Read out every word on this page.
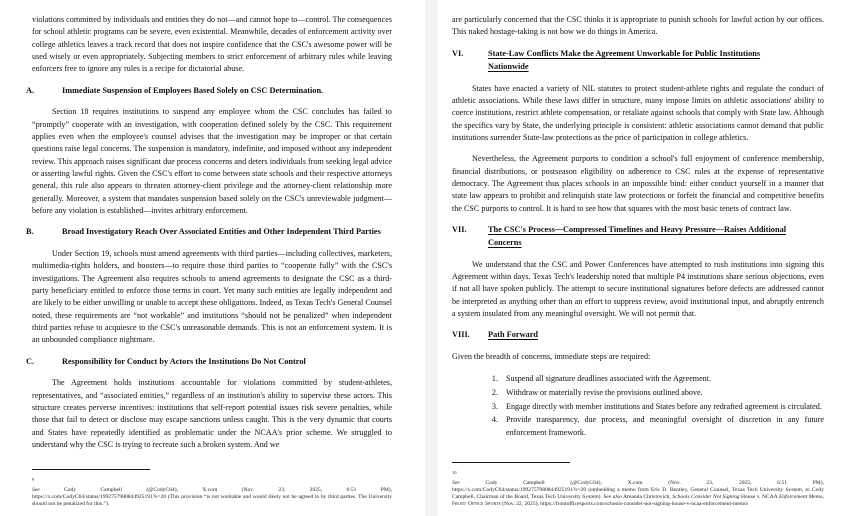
violations committed by individuals and entities they do not—and cannot hope to—control. The consequences for school athletic programs can be severe, even existential. Meanwhile, decades of enforcement activity over college athletics leaves a track record that does not inspire confidence that the CSC's awesome power will be used wisely or even appropriately. Subjecting members to strict enforcement of arbitrary rules while leaving enforcers free to ignore any rules is a recipe for dictatorial abuse.

A.	Immediate Suspension of Employees Based Solely on CSC Determination.

Section 18 requires institutions to suspend any employee whom the CSC concludes has failed to “promptly” cooperate with an investigation, with cooperation defined solely by the CSC. This requirement applies even when the employee's counsel advises that the investigation may be improper or that certain questions raise legal concerns. The suspension is mandatory, indefinite, and imposed without any independent review. This approach raises significant due process concerns and deters individuals from seeking legal advice or asserting lawful rights. Given the CSC's effort to come between state schools and their respective attorneys general, this rule also appears to threaten attorney-client privilege and the attorney-client relationship more generally. Moreover, a system that mandates suspension based solely on the CSC's unreviewable judgment—before any violation is established—invites arbitrary enforcement.

B.	Broad Investigatory Reach Over Associated Entities and Other Independent Third Parties

Under Section 19, schools must amend agreements with third parties—including collectives, marketers, multimedia-rights holders, and boosters—to require those third parties to “cooperate fully” with the CSC's investigations. The Agreement also requires schools to amend agreements to designate the CSC as a third-party beneficiary entitled to enforce those terms in court. Yet many such entities are legally independent and are likely to be either unwilling or unable to accept these obligations. Indeed, as Texas Tech's General Counsel noted, these requirements are “not workable” and institutions “should not be penalized” when independent third parties refuse to acquiesce to the CSC's unreasonable demands. This is not an enforcement system. It is an unbounded compliance nightmare.

C.	Responsibility for Conduct by Actors the Institutions Do Not Control

The Agreement holds institutions accountable for violations committed by student-athletes, representatives, and “associated entities,” regardless of an institution's ability to supervise these actors. This structure creates perverse incentives: institutions that self-report potential issues risk severe penalties, while those that fail to detect or disclose may escape sanctions unless caught. This is the very dynamic that courts and States have repeatedly identified as problematic under the NCAA's prior scheme. We struggled to understand why the CSC is trying to recreate such a broken system. And we

$^9$
See	Cody	Campbell	(@CodyC64),	X.com	(Nov.	23,	2025,	6:51	PM),
https://x.com/CodyC64/status/1992757980844925191?s=20 (This provision “is not workable and would likely not be agreed to by third parties. The University should not be penalized for this.”).

are particularly concerned that the CSC thinks it is appropriate to punish schools for lawful action by our offices. This naked hostage-taking is not how we do things in America.

VI.	State-Law Conflicts Make the Agreement Unworkable for Public Institutions
Nationwide

States have enacted a variety of NIL statutes to protect student-athlete rights and regulate the conduct of athletic associations. While these laws differ in structure, many impose limits on athletic associations' ability to coerce institutions, restrict athlete compensation, or retaliate against schools that comply with State law. Although the specifics vary by State, the underlying principle is consistent: athletic associations cannot demand that public institutions surrender State-law protections as the price of participation in college athletics.

Nevertheless, the Agreement purports to condition a school's full enjoyment of conference membership, financial distributions, or postseason eligibility on adherence to CSC rules at the expense of representative democracy. The Agreement thus places schools in an impossible bind: either conduct yourself in a manner that state law appears to prohibit and relinquish state law protections or forfeit the financial and competitive benefits the CSC purports to control. It is hard to see how that squares with the most basic tenets of contract law.

VII.	The CSC's Process—Compressed Timelines and Heavy Pressure—Raises Additional
Concerns

We understand that the CSC and Power Conferences have attempted to rush institutions into signing this Agreement within days. Texas Tech's leadership noted that multiple P4 institutions share serious objections, even if not all have spoken publicly. The attempt to secure institutional signatures before defects are addressed cannot be interpreted as anything other than an effort to suppress review, avoid institutional input, and abruptly entrench a system insulated from any meaningful oversight. We will not permit that.

VIII.	Path Forward

Given the breadth of concerns, immediate steps are required:

1. Suspend all signature deadlines associated with the Agreement.
2. Withdraw or materially revise the provisions outlined above.
3. Engage directly with member institutions and States before any redrafted agreement is circulated.
4. Provide transparency, due process, and meaningful oversight of discretion in any future enforcement framework.
$^{10}$
See	Cody	Campbell	(@CodyC64),	X.com	(Nov.	23,	2025,	6:51	PM),
https://x.com/CodyC64/status/1992757980844925191?s=20 (embedding a memo from Eric D. Bentley, General Counsel, Texas Tech University System, to Cody Campbell, Chairman of the Board, Texas Tech University System). See also Amanda Christovich, Schools Consider Not Signing House v. NCAA Enforcement Memo, Front Office Sports (Nov. 22, 2025), https://frontofficesports.com/schools-consider-not-signing-house-v-ncaa-enforcement-memo/
